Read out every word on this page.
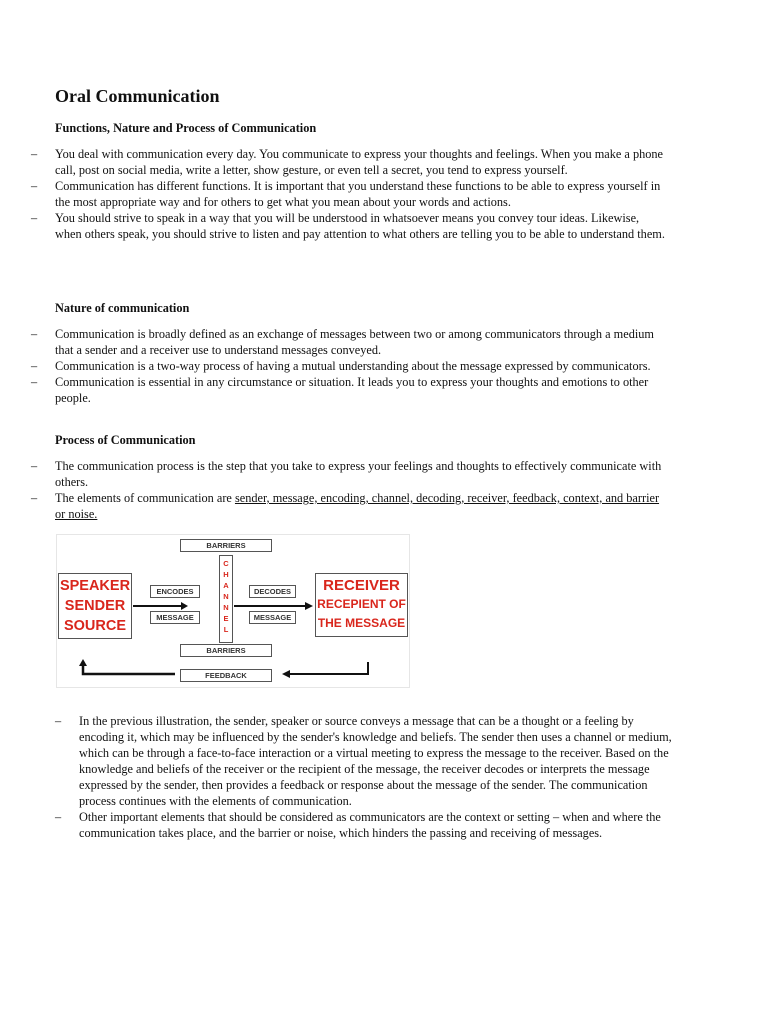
Oral Communication

Functions, Nature and Process of Communication

– You deal with communication every day. You communicate to express your thoughts and feelings. When you make a phone call, post on social media, write a letter, show gesture, or even tell a secret, you tend to express yourself.
– Communication has different functions. It is important that you understand these functions to be able to express yourself in the most appropriate way and for others to get what you mean about your words and actions.
– You should strive to speak in a way that you will be understood in whatsoever means you convey tour ideas. Likewise, when others speak, you should strive to listen and pay attention to what others are telling you to be able to understand them.

Nature of communication

– Communication is broadly defined as an exchange of messages between two or among communicators through a medium that a sender and a receiver use to understand messages conveyed.
– Communication is a two-way process of having a mutual understanding about the message expressed by communicators.
– Communication is essential in any circumstance or situation. It leads you to express your thoughts and emotions to other people.

Process of Communication

– The communication process is the step that you take to express your feelings and thoughts to effectively communicate with others.
– The elements of communication are sender, message, encoding, channel, decoding, receiver, feedback, context, and barrier or noise.
BARRIERS
C
H
A
N
N
E
L
SPEAKER
SENDER
SOURCE
ENCODES
MESSAGE
DECODES
MESSAGE
RECEIVER
RECEPIENT OF
THE MESSAGE
BARRIERS
FEEDBACK
– In the previous illustration, the sender, speaker or source conveys a message that can be a thought or a feeling by encoding it, which may be influenced by the sender's knowledge and beliefs. The sender then uses a channel or medium, which can be through a face-to-face interaction or a virtual meeting to express the message to the receiver. Based on the knowledge and beliefs of the receiver or the recipient of the message, the receiver decodes or interprets the message expressed by the sender, then provides a feedback or response about the message of the sender. The communication process continues with the elements of communication.
– Other important elements that should be considered as communicators are the context or setting – when and where the communication takes place, and the barrier or noise, which hinders the passing and receiving of messages.
